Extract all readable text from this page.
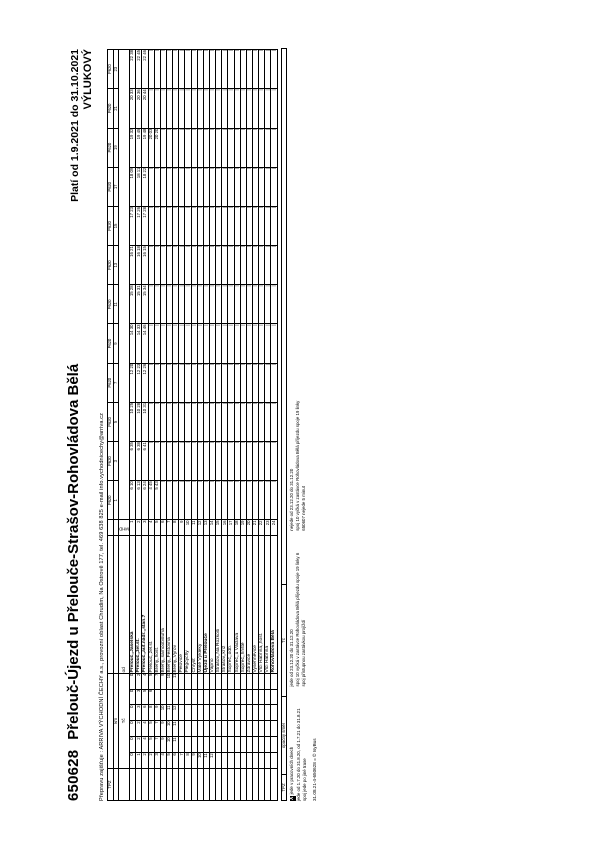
650628
Přelouč-Újezd u Přelouče-Strašov-Rohovládova Bělá
Platí od 1.9.2021 do 31.10.2021
VÝLUKOVÝ
Přepravu zajišťuje : ARRIVA VÝCHODNÍ ČECHY a.s., provozní oblast Chrudim, Na Ostrově 177, tel. 469 638 825 e-mail info.vychodnicechy@arriva.cz TPZ									P620	P620	P620	P620	P620	P620	P620	P620	P620	P620	P620	P620
	km								1	3	5	7	9	11	13	15	17	19	21	23
	Tč						od	MHD												
	0	0	0	0	0	0	Přelouč,,Jaselská	1	6 10	6 35	10 25	12 20	14 30	15 28	16 21	17 23	18 09	19 32	20 33	22 38
	1	2	2	3	3	2	Přelouč,,žel.st.	2	6 13	6 38	10 28	12 23	14 33	15 31	16 18	17 26	18 11	19 45	20 36	22 45
	2	4	4	6	5	4	Přelouč,,aut.nádr.,,stan.7	3	6 24	6 41	10 31	12 26	14 46	15 34	16 15	17 28	18 22	19 48	20 44	22 46
	2	5	5	8	6	5	Přelouč,,žel.st.	4	4 45	|	|	|	|	|	|	|	|	20 03	|	|
	3	7	7	9		7	Břehy,,host.	5	5 43	|	|	|	|	|	|	|	|	20 20	|	|
	4	9	9	10		9	Břehy,,samoobsluha	6	|	|	|	|	|	|	|	|	|	|	|	|
	5	10	10	11		10	Břehy,,Festovna	7	|	|	|	|	|	|	|	|	|	|	|	|
	6	11	11	12		11	Břehy,,Výrov	8	|	|	|	|	|	|	|	|	|	|	|	|
	7						Pelovice	9	|	|	|	|	|	|	|	|	|	|	|	|
	8						Plegcychy	10	|	|	|	|	|	|	|	|	|	|	|	|
	9						Chrysť	11	|	|	|	|	|	|	|	|	|	|	|	|
	10						Malé Výkleky	12	|	|	|	|	|	|	|	|	|	|	|	|
	11						Újezd u Přelouče	13	|	|	|	|	|	|	|	|	|	|	|	|
	12						Vápno	14	|	|	|	|	|	|	|	|	|	|	|	|
							Strašov,,Na Rozkoši	15	|	|	|	|	|	|	|	|	|	|	|	|
							Strašov,,kříž	16	|	|	|	|	|	|	|	|	|	|	|	|
							Sopřeč,,odb.	17	|	|	|	|	|	|	|	|	|	|	|	|
							Sopřeč,,u Václava	18	|	|	|	|	|	|	|	|	|	|	|	|
							Sopřeč,,hřiště	19	|	|	|	|	|	|	|	|	|	|	|	|
							Zdravice	20	|	|	|	|	|	|	|	|	|	|	|	|
							Vysehněvice	21	|	|	|	|	|	|	|	|	|	|	|	|
							Vlčí Habřina,,host.	22	|	|	|	|	|	|	|	|	|	|	|	|
							Vlčí Habřina	23	|	|	|	|	|	|	|	|	|	|	|	|
							Rohovládova Bělá	24	|	|	|	|	|	|	|	|	|	|	|	|
TPZ	opačný směr	Tč	
X jede v pracovních dnech jede od 1.7.20 do 31.8.20, od 1.7.21 do 31.8.21 spoj jede po jiné trase
jede od 23.12.20 do 31.12.20 spoj 10 vyčká v zastávce Rohovládova Bělá příjezdu spoje 19 linky 6 spoj přístupnou zastávkou projíždí
nejede od 23.12.20 do 31.12.20 spoj 10 vyčká v zastávce Rohovládova Bělá příjezdu spoje 19 linky 650607 nejede 5 minut
31.08.21-4-650628 = © IsyBus
